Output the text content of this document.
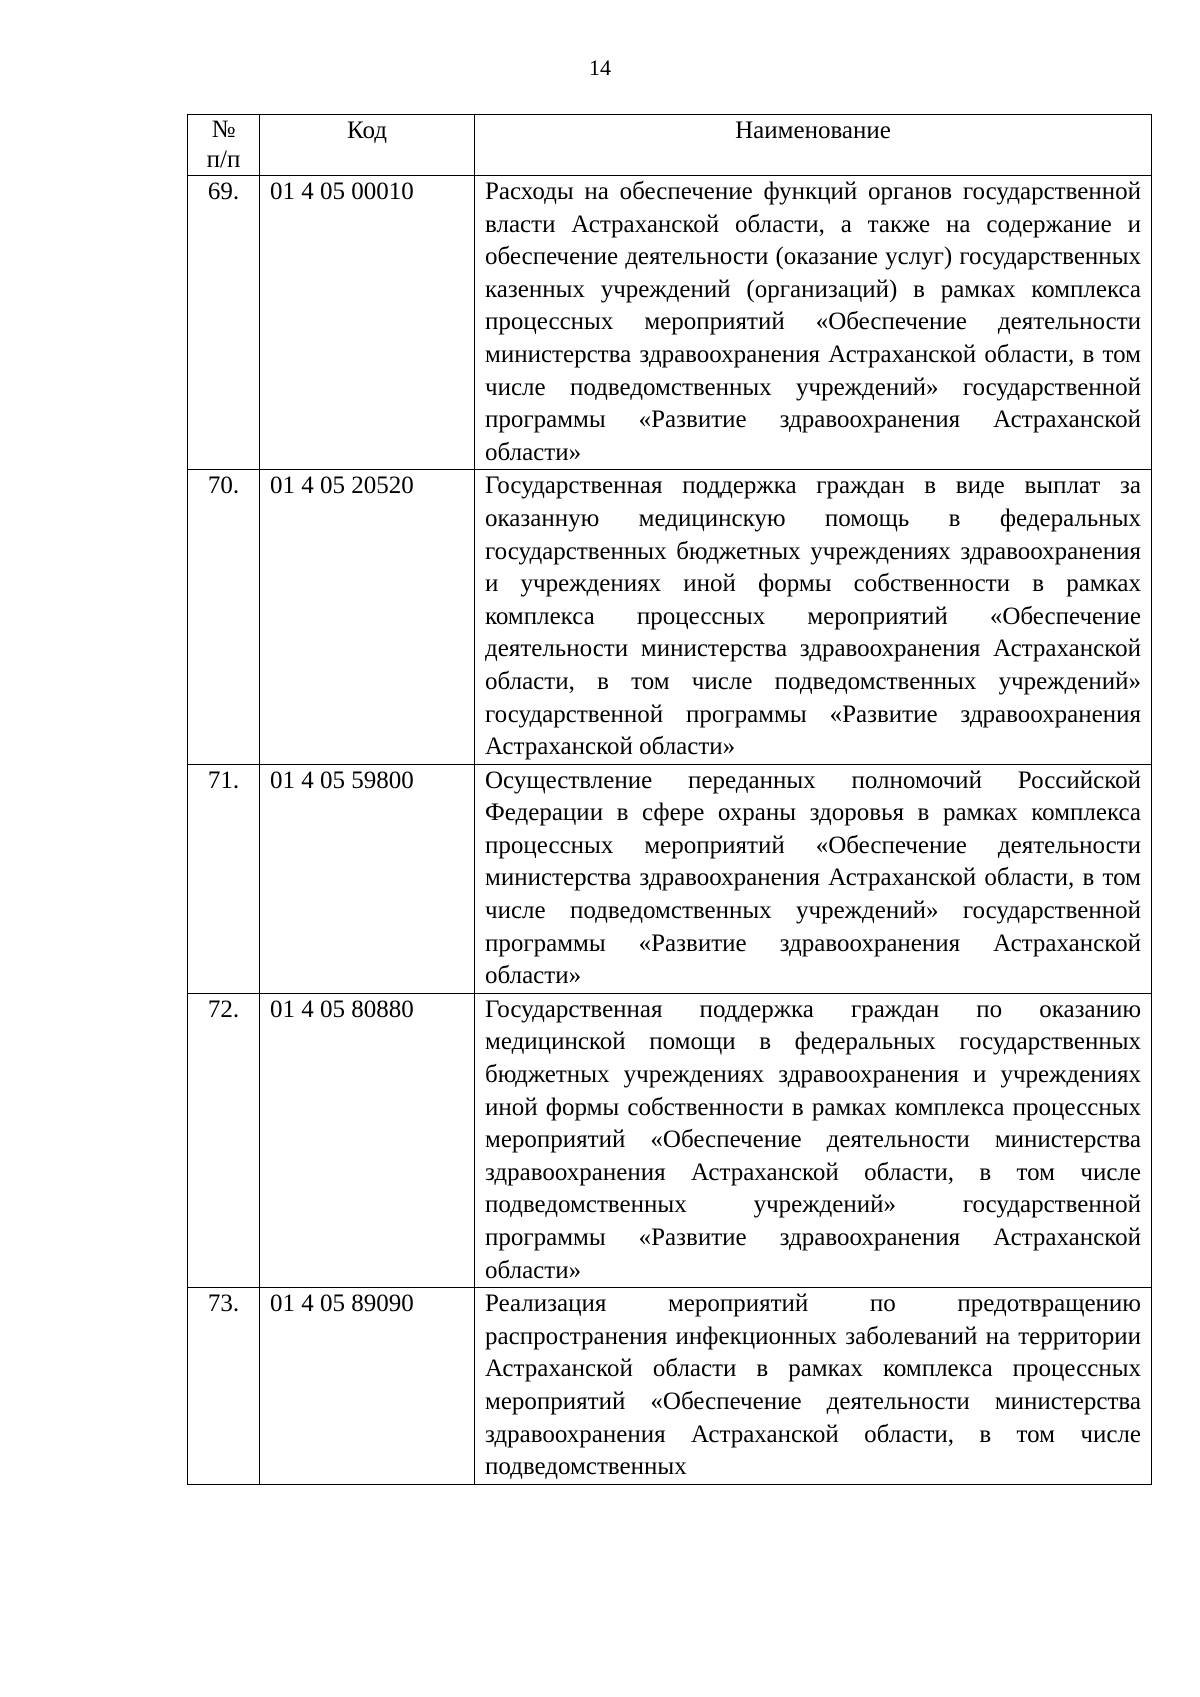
14
№
п/п	Код	Наименование
69.	01 4 05 00010	Расходы на обеспечение функций органов государственной власти Астраханской области, а также на содержание и обеспечение деятельности (оказание услуг) государственных казенных учреждений (организаций) в рамках комплекса процессных мероприятий «Обеспечение деятельности министерства здравоохранения Астраханской области, в том числе подведомственных учреждений» государственной программы «Развитие здравоохранения Астраханской области»
70.	01 4 05 20520	Государственная поддержка граждан в виде выплат за оказанную медицинскую помощь в федеральных государственных бюджетных учреждениях здравоохранения и учреждениях иной формы собственности в рамках комплекса процессных мероприятий «Обеспечение деятельности министерства здравоохранения Астраханской области, в том числе подведомственных учреждений» государственной программы «Развитие здравоохранения Астраханской области»
71.	01 4 05 59800	Осуществление переданных полномочий Российской Федерации в сфере охраны здоровья в рамках комплекса процессных мероприятий «Обеспечение деятельности министерства здравоохранения Астраханской области, в том числе подведомственных учреждений» государственной программы «Развитие здравоохранения Астраханской области»
72.	01 4 05 80880	Государственная поддержка граждан по оказанию медицинской помощи в федеральных государственных бюджетных учреждениях здравоохранения и учреждениях иной формы собственности в рамках комплекса процессных мероприятий «Обеспечение деятельности министерства здравоохранения Астраханской области, в том числе подведомственных учреждений» государственной программы «Развитие здравоохранения Астраханской области»
73.	01 4 05 89090	Реализация мероприятий по предотвращению распространения инфекционных заболеваний на территории Астраханской области в рамках комплекса процессных мероприятий «Обеспечение деятельности министерства здравоохранения Астраханской области, в том числе подведомственных
